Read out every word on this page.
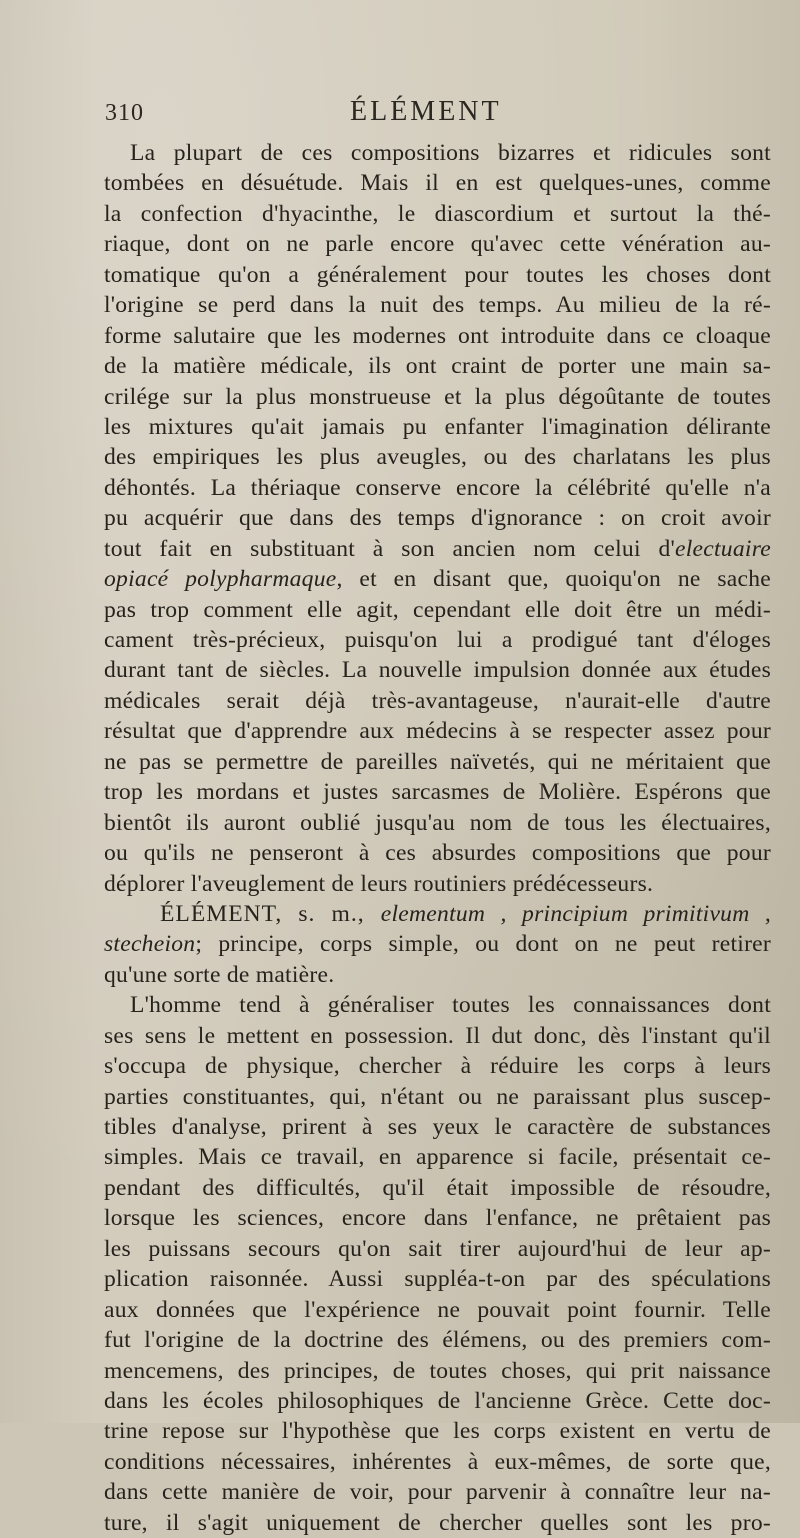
310	ÉLÉMENT
La plupart de ces compositions bizarres et ridicules sont
tombées en désuétude. Mais il en est quelques-unes, comme
la confection d'hyacinthe, le diascordium et surtout la thé-
riaque, dont on ne parle encore qu'avec cette vénération au-
tomatique qu'on a généralement pour toutes les choses dont
l'origine se perd dans la nuit des temps. Au milieu de la ré-
forme salutaire que les modernes ont introduite dans ce cloaque
de la matière médicale, ils ont craint de porter une main sa-
crilége sur la plus monstrueuse et la plus dégoûtante de toutes
les mixtures qu'ait jamais pu enfanter l'imagination délirante
des empiriques les plus aveugles, ou des charlatans les plus
déhontés. La thériaque conserve encore la célébrité qu'elle n'a
pu acquérir que dans des temps d'ignorance : on croit avoir
tout fait en substituant à son ancien nom celui d'electuaire
opiacé polypharmaque, et en disant que, quoiqu'on ne sache
pas trop comment elle agit, cependant elle doit être un médi-
cament très-précieux, puisqu'on lui a prodigué tant d'éloges
durant tant de siècles. La nouvelle impulsion donnée aux études
médicales serait déjà très-avantageuse, n'aurait-elle d'autre
résultat que d'apprendre aux médecins à se respecter assez pour
ne pas se permettre de pareilles naïvetés, qui ne méritaient que
trop les mordans et justes sarcasmes de Molière. Espérons que
bientôt ils auront oublié jusqu'au nom de tous les électuaires,
ou qu'ils ne penseront à ces absurdes compositions que pour
déplorer l'aveuglement de leurs routiniers prédécesseurs.
ÉLÉMENT, s. m., elementum , principium primitivum ,
stecheion; principe, corps simple, ou dont on ne peut retirer
qu'une sorte de matière.
L'homme tend à généraliser toutes les connaissances dont
ses sens le mettent en possession. Il dut donc, dès l'instant qu'il
s'occupa de physique, chercher à réduire les corps à leurs
parties constituantes, qui, n'étant ou ne paraissant plus suscep-
tibles d'analyse, prirent à ses yeux le caractère de substances
simples. Mais ce travail, en apparence si facile, présentait ce-
pendant des difficultés, qu'il était impossible de résoudre,
lorsque les sciences, encore dans l'enfance, ne prêtaient pas
les puissans secours qu'on sait tirer aujourd'hui de leur ap-
plication raisonnée. Aussi suppléa-t-on par des spéculations
aux données que l'expérience ne pouvait point fournir. Telle
fut l'origine de la doctrine des élémens, ou des premiers com-
mencemens, des principes, de toutes choses, qui prit naissance
dans les écoles philosophiques de l'ancienne Grèce. Cette doc-
trine repose sur l'hypothèse que les corps existent en vertu de
conditions nécessaires, inhérentes à eux-mêmes, de sorte que,
dans cette manière de voir, pour parvenir à connaître leur na-
ture, il s'agit uniquement de chercher quelles sont les pro-
